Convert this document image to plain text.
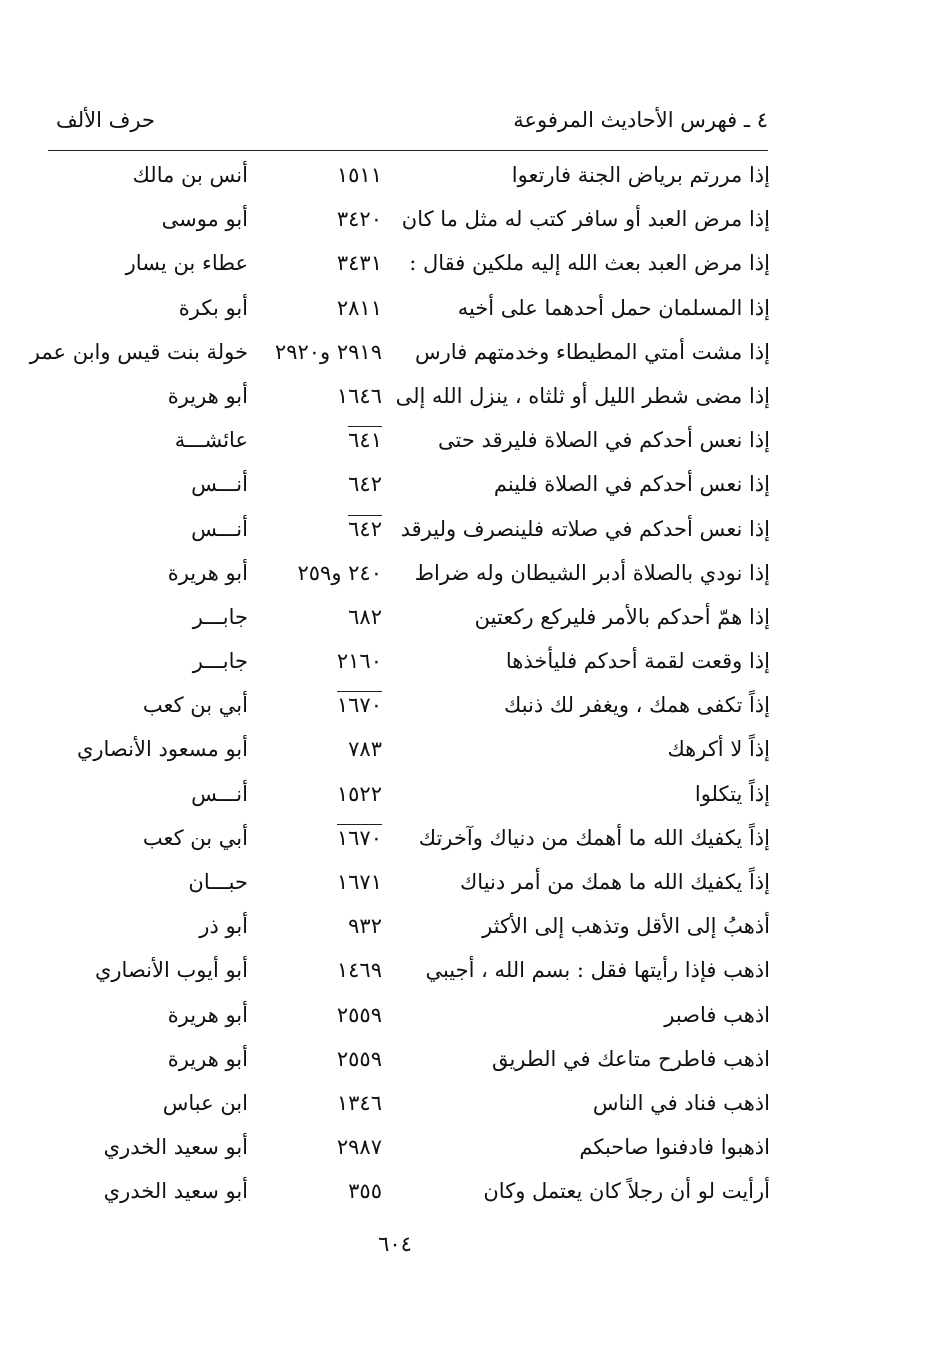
٤ ـ فهرس الأحاديث المرفوعة
حرف الألف
إذا مررتم برياض الجنة فارتعوا
١٥١١
أنس بن مالك
إذا مرض العبد أو سافر كتب له مثل ما كان
٣٤٢٠
أبو موسى
إذا مرض العبد بعث الله إليه ملكين فقال :
٣٤٣١
عطاء بن يسار
إذا المسلمان حمل أحدهما على أخيه
٢٨١١
أبو بكرة
إذا مشت أمتي المطيطاء وخدمتهم فارس
٢٩١٩ و٢٩٢٠
خولة بنت قيس وابن عمر
إذا مضى شطر الليل أو ثلثاه ، ينزل الله إلى
١٦٤٦
أبو هريرة
إذا نعس أحدكم في الصلاة فليرقد حتى
٦٤١
عائشـــة
إذا نعس أحدكم في الصلاة فلينم
٦٤٢
أنـــس
إذا نعس أحدكم في صلاته فلينصرف وليرقد
٦٤٢
أنـــس
إذا نودي بالصلاة أدبر الشيطان وله ضراط
٢٤٠ و٢٥٩
أبو هريرة
إذا همّ أحدكم بالأمر فليركع ركعتين
٦٨٢
جابـــر
إذا وقعت لقمة أحدكم فليأخذها
٢١٦٠
جابـــر
إذاً تكفى همك ، ويغفر لك ذنبك
١٦٧٠
أبي بن كعب
إذاً لا أكرهك
٧٨٣
أبو مسعود الأنصاري
إذاً يتكلوا
١٥٢٢
أنـــس
إذاً يكفيك الله ما أهمك من دنياك وآخرتك
١٦٧٠
أبي بن كعب
إذاً يكفيك الله ما همك من أمر دنياك
١٦٧١
حبـــان
أذهبُ إلى الأقل وتذهب إلى الأكثر
٩٣٢
أبو ذر
اذهب فإذا رأيتها فقل : بسم الله ، أجيبي
١٤٦٩
أبو أيوب الأنصاري
اذهب فاصبر
٢٥٥٩
أبو هريرة
اذهب فاطرح متاعك في الطريق
٢٥٥٩
أبو هريرة
اذهب فناد في الناس
١٣٤٦
ابن عباس
اذهبوا فادفنوا صاحبكم
٢٩٨٧
أبو سعيد الخدري
أرأيت لو أن رجلاً كان يعتمل وكان
٣٥٥
أبو سعيد الخدري
٦٠٤
